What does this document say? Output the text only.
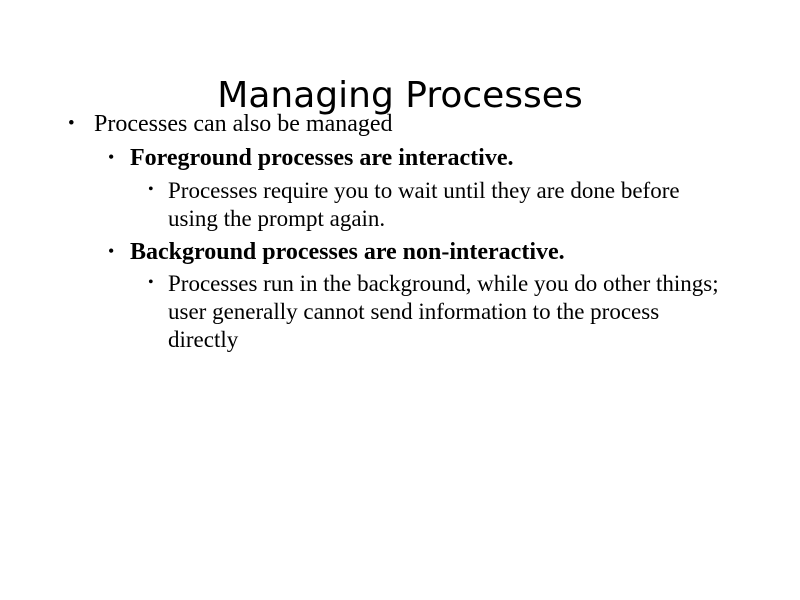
Managing Processes
• Processes can also be managed
• Foreground processes are interactive.
• Processes require you to wait until they are done before using the prompt again.
• Background processes are non-interactive.
• Processes run in the background, while you do other things; user generally cannot send information to the process directly
